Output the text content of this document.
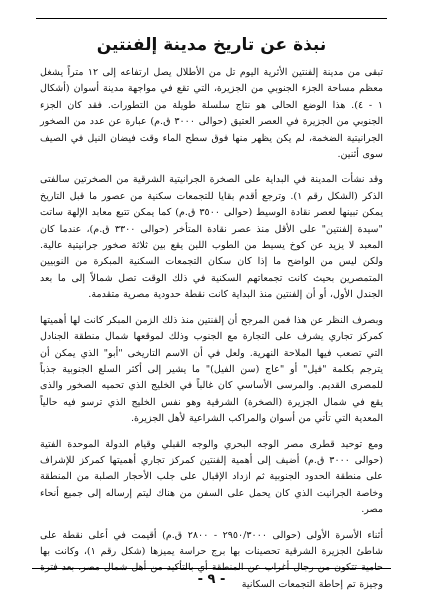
نبذة عن تاريخ مدينة إلفنتين

تبقى من مدينة إلفنتين الأثرية اليوم تل من الأطلال يصل ارتفاعه إلى ١٢ متراً يشغل معظم مساحة الجزء الجنوبي من الجزيرة، التي تقع في مواجهة مدينة أسوان (أشكال ١ - ٤). هذا الوضع الحالى هو نتاج سلسلة طويلة من التطورات. فقد كان الجزء الجنوبي من الجزيرة في العصر العتيق (حوالى ٣٠٠٠ ق.م) عبارة عن عدد من الصخور الجرانيتية الضخمة، لم يكن يظهر منها فوق سطح الماء وقت فيضان النيل في الصيف سوى أثنين.

وقد نشأت المدينة في البداية على الصخرة الجرانيتية الشرقية من الصخرتين سالفتى الذكر (الشكل رقم ١). وترجع أقدم بقايا للتجمعات سكنية من عصور ما قبل التاريخ يمكن تبينها لعصر نقادة الوسيط (حوالى ٣٥٠٠ ق.م) كما يمكن تتبع معابد الإلهة ساتت "سيدة إلفنتين" على الأقل منذ عصر نقادة المتأخر (حوالى ٣٣٠٠ ق.م)، عندما كان المعبد لا يزيد عن كوخ يسيط من الطوب اللبن يقع بين ثلاثة صخور جرانيتية عالية. ولكن ليس من الواضح ما إذا كان سكان التجمعات السكنية المبكرة من النوبيين المتمصرين بحيث كانت تجمعاتهم السكنية في ذلك الوقت تصل شمالاً إلى ما بعد الجندل الأول، أو أن إلفنتين منذ البداية كانت نقطة حدودية مصرية متقدمة.

وبصرف النظر عن هذا فمن المرجح أن إلفنتين منذ ذلك الزمن المبكر كانت لها أهميتها كمركز تجاري يشرف على التجارة مع الجنوب وذلك لموقعها شمال منطقة الجنادل التي تصعب فيها الملاحة النهرية. ولعل في أن الاسم التاريخى "أبو" الذي يمكن أن يترجم بكلمة "فيل" أو "عاج (سن الفيل)" ما يشير إلى أكثر السلع الجنوبية جذباً للمصرى القديم. والمرسى الأساسي كان غالباً في الخليج الذي تحميه الصخور والذى يقع في شمال الجزيرة (الصخرة) الشرقية وهو نفس الخليج الذي ترسو فيه حالياً المعدية التي تأتي من أسوان والمراكب الشراعية لأهل الجزيرة.

ومع توحيد قطرى مصر الوجه البحري والوجه القبلي وقيام الدولة الموحدة الفتية (حوالى ٣٠٠٠ ق.م) أضيف إلى أهمية إلفنتين كمركز تجاري أهميتها كمركز للإشراف على منطقة الحدود الجنوبية ثم ازداد الإقبال على جلب الأحجار الصلبة من المنطقة وخاصة الجرانيت الذي كان يحمل على السفن من هناك ليتم إرساله إلى جميع أنحاء مصر.

أثناء الأسرة الأولى (حوالى ٢٩٥٠/٣٠٠٠ - ٢٨٠٠ ق.م) أقيمت في أعلى نقطة على شاطئ الجزيرة الشرقية تحصينات بها برج حراسة يميزها (شكل رقم ١)، وكانت بها حامية تتكون من رجال أغراب عن المنطقة أي بالتأكيد من أهل شمال مصر. بعد فترة وجيزة تم إحاطة التجمعات السكانية

- ٩ -
